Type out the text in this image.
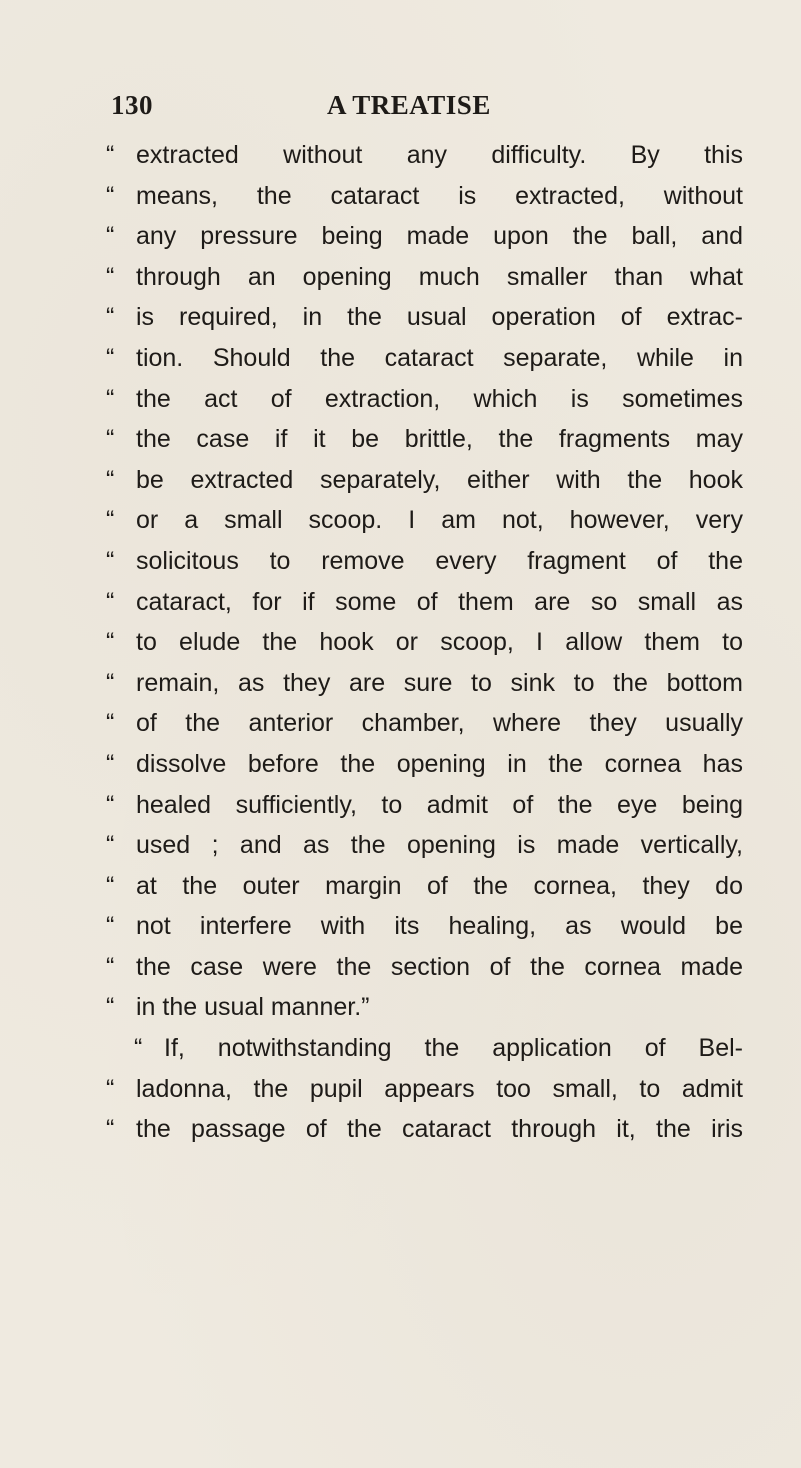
130	A TREATISE
“ extracted without any difficulty. By this
“ means, the cataract is extracted, without
“ any pressure being made upon the ball, and
“ through an opening much smaller than what
“ is required, in the usual operation of extrac-
“ tion. Should the cataract separate, while in
“ the act of extraction, which is sometimes
“ the case if it be brittle, the fragments may
“ be extracted separately, either with the hook
“ or a small scoop. I am not, however, very
“ solicitous to remove every fragment of the
“ cataract, for if some of them are so small as
“ to elude the hook or scoop, I allow them to
“ remain, as they are sure to sink to the bottom
“ of the anterior chamber, where they usually
“ dissolve before the opening in the cornea has
“ healed sufficiently, to admit of the eye being
“ used ; and as the opening is made vertically,
“ at the outer margin of the cornea, they do
“ not interfere with its healing, as would be
“ the case were the section of the cornea made
“ in the usual manner.”
“ If, notwithstanding the application of Bel-
“ ladonna, the pupil appears too small, to admit
“ the passage of the cataract through it, the iris
